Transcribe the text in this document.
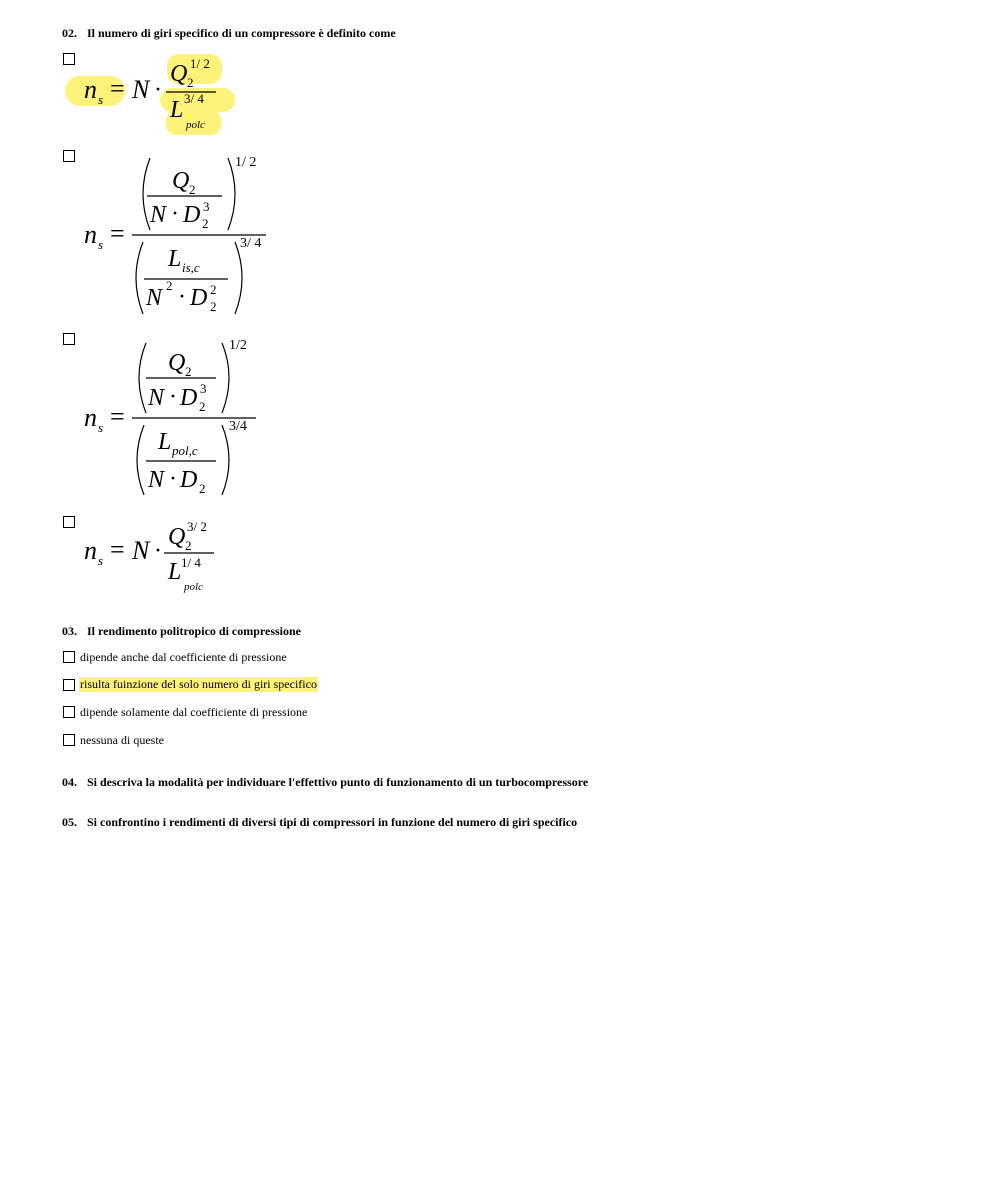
02. Il numero di giri specifico di un compressore è definito come
n s = N ·
Q 2
1/ 2
L 3/ 4
polc
n s =
Q 2
N · D 2
3
1/ 2
L is,c
N 2 · D 2
2
3/ 4
n s =
Q 2
N · D 2
3
1/2
L pol,c
N · D 2
3/4
n s = N ·
Q 2
3/ 2
L 1/ 4
polc
03. Il rendimento politropico di compressione
dipende anche dal coefficiente di pressione
risulta fuinzione del solo numero di giri specifico
dipende solamente dal coefficiente di pressione
nessuna di queste
04. Si descriva la modalità per individuare l'effettivo punto di funzionamento di un turbocompressore
05. Si confrontino i rendimenti di diversi tipi di compressori in funzione del numero di giri specifico
